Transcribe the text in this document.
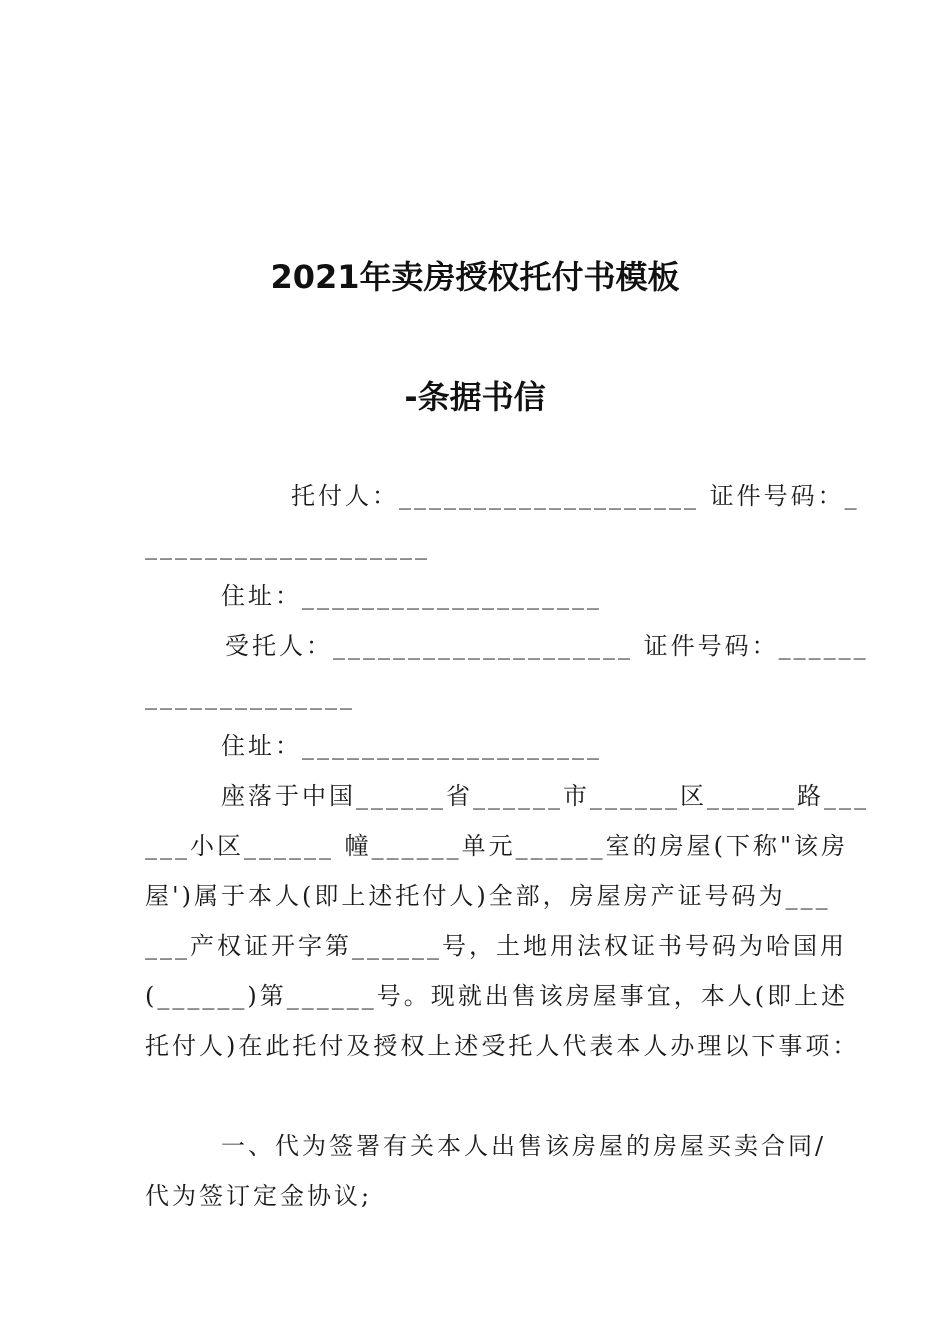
2021年卖房授权托付书模板
-条据书信
托付人：____________________ 证件号码：_
___________________
住址：____________________
受托人：____________________ 证件号码：______
______________
住址：____________________
座落于中国______省______市______区______路___
___小区______ 幢______单元______室的房屋(下称"该房
屋')属于本人(即上述托付人)全部，房屋房产证号码为___
___产权证开字第______号，土地用法权证书号码为哈国用
(______)第______号。现就出售该房屋事宜，本人(即上述
托付人)在此托付及授权上述受托人代表本人办理以下事项：
一、代为签署有关本人出售该房屋的房屋买卖合同/
代为签订定金协议;
